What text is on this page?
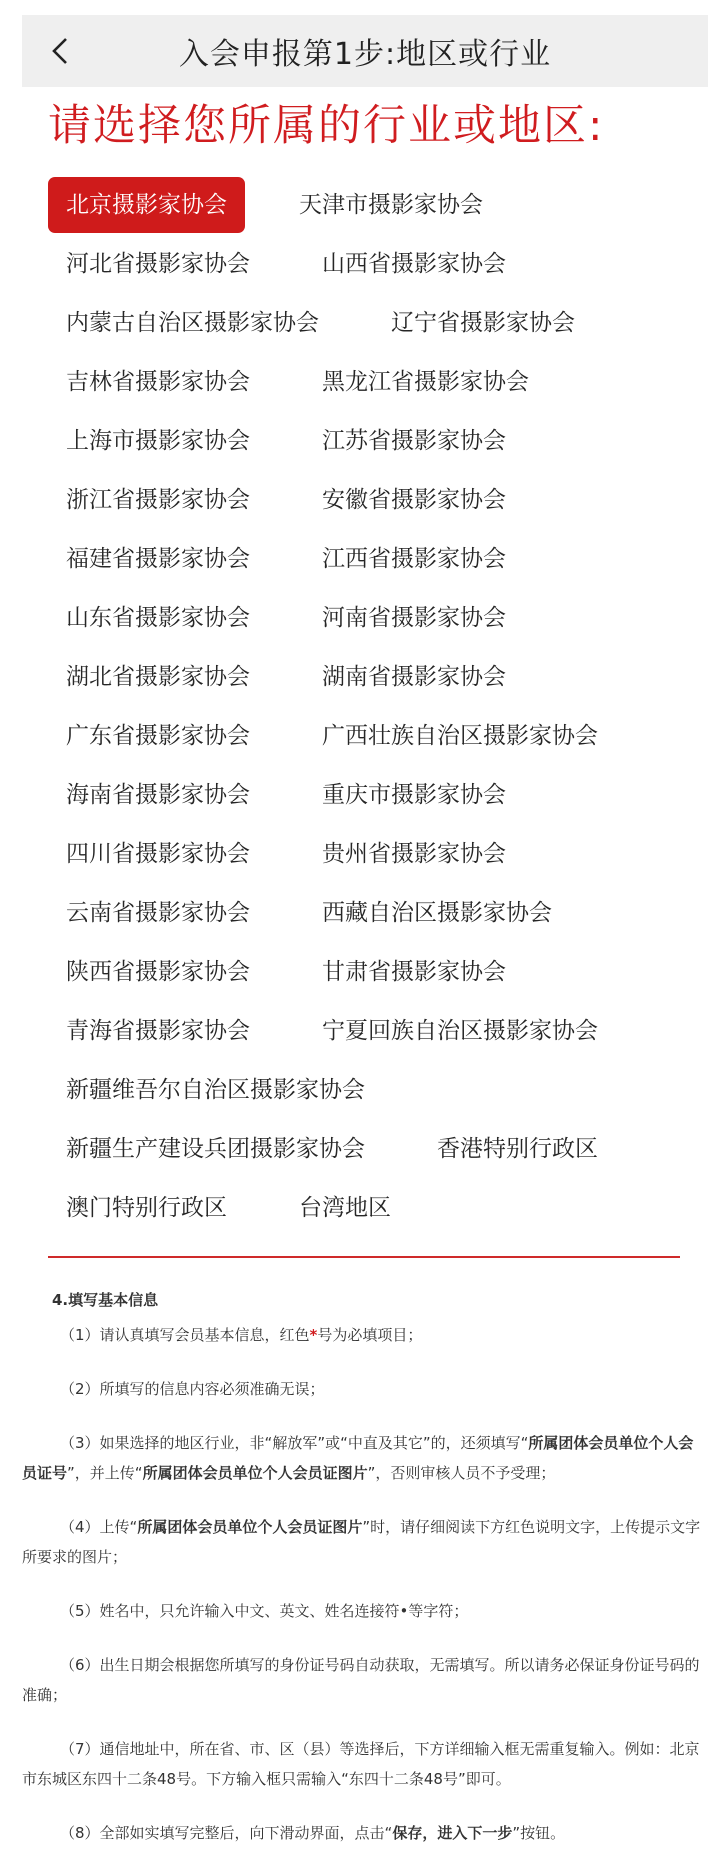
入会申报第1步:地区或行业
请选择您所属的行业或地区:
北京摄影家协会	天津市摄影家协会
河北省摄影家协会	山西省摄影家协会
内蒙古自治区摄影家协会	辽宁省摄影家协会
吉林省摄影家协会	黑龙江省摄影家协会
上海市摄影家协会	江苏省摄影家协会
浙江省摄影家协会	安徽省摄影家协会
福建省摄影家协会	江西省摄影家协会
山东省摄影家协会	河南省摄影家协会
湖北省摄影家协会	湖南省摄影家协会
广东省摄影家协会	广西壮族自治区摄影家协会
海南省摄影家协会	重庆市摄影家协会
四川省摄影家协会	贵州省摄影家协会
云南省摄影家协会	西藏自治区摄影家协会
陕西省摄影家协会	甘肃省摄影家协会
青海省摄影家协会	宁夏回族自治区摄影家协会
新疆维吾尔自治区摄影家协会
新疆生产建设兵团摄影家协会	香港特别行政区
澳门特别行政区	台湾地区
4.填写基本信息

（1）请认真填写会员基本信息，红色*号为必填项目；

（2）所填写的信息内容必须准确无误；

（3）如果选择的地区行业，非“解放军”或“中直及其它”的，还须填写“所属团体会员单位个人会员证号”，并上传“所属团体会员单位个人会员证图片”，否则审核人员不予受理；

（4）上传“所属团体会员单位个人会员证图片”时，请仔细阅读下方红色说明文字，上传提示文字所要求的图片；

（5）姓名中，只允许输入中文、英文、姓名连接符•等字符；

（6）出生日期会根据您所填写的身份证号码自动获取，无需填写。所以请务必保证身份证号码的准确；

（7）通信地址中，所在省、市、区（县）等选择后，下方详细输入框无需重复输入。例如：北京市东城区东四十二条48号。下方输入框只需输入“东四十二条48号”即可。

（8）全部如实填写完整后，向下滑动界面，点击“保存，进入下一步”按钮。
